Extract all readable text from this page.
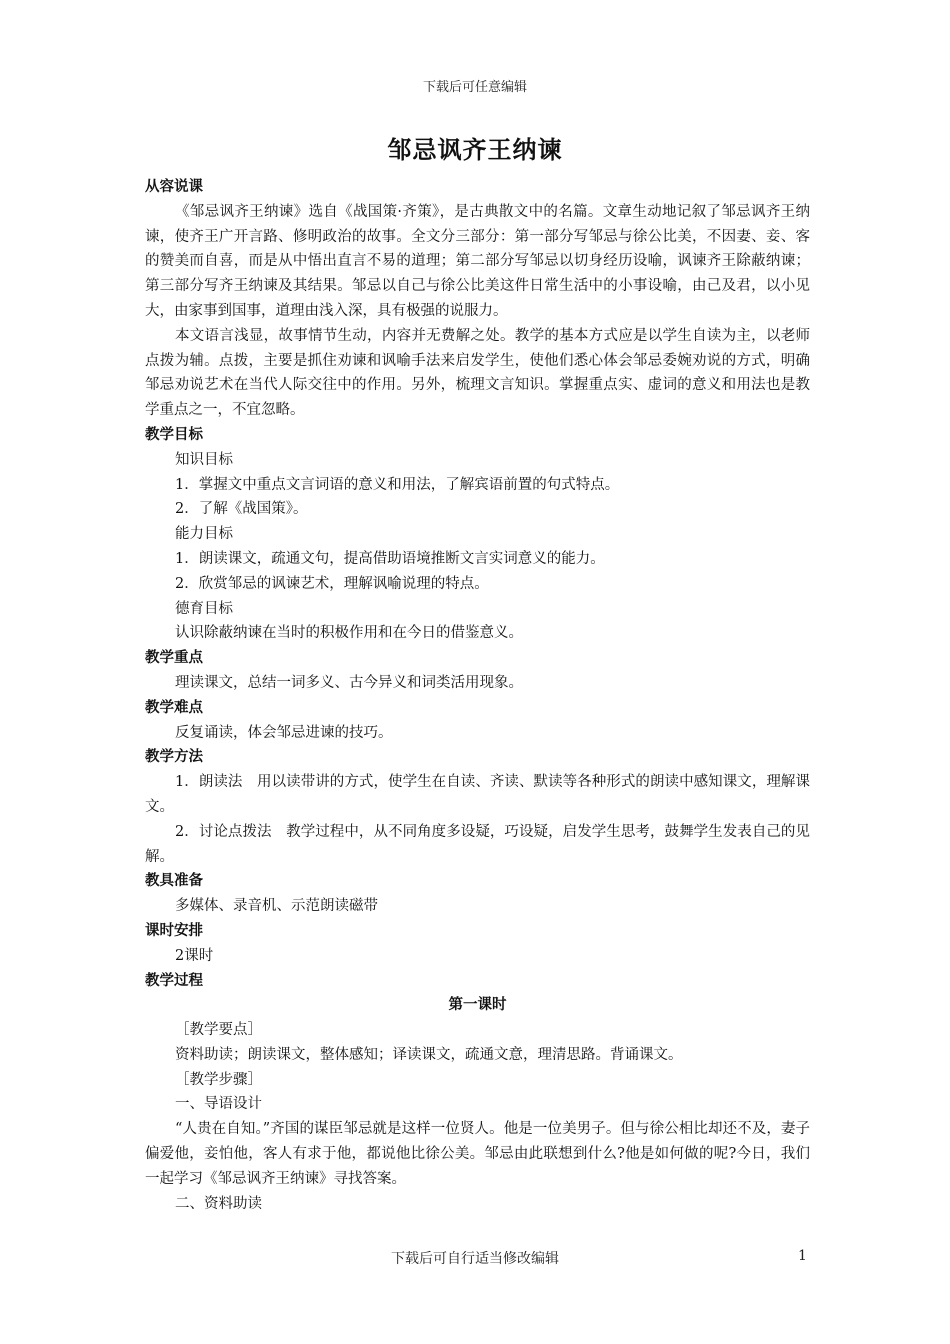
下载后可任意编辑
邹忌讽齐王纳谏

从容说课

《邹忌讽齐王纳谏》选自《战国策·齐策》，是古典散文中的名篇。文章生动地记叙了邹忌讽齐王纳谏，使齐王广开言路、修明政治的故事。全文分三部分：第一部分写邹忌与徐公比美，不因妻、妾、客的赞美而自喜，而是从中悟出直言不易的道理；第二部分写邹忌以切身经历设喻，讽谏齐王除蔽纳谏；第三部分写齐王纳谏及其结果。邹忌以自己与徐公比美这件日常生活中的小事设喻，由己及君，以小见大，由家事到国事，道理由浅入深，具有极强的说服力。

本文语言浅显，故事情节生动，内容并无费解之处。教学的基本方式应是以学生自读为主，以老师点拨为辅。点拨，主要是抓住劝谏和讽喻手法来启发学生，使他们悉心体会邹忌委婉劝说的方式，明确邹忌劝说艺术在当代人际交往中的作用。另外，梳理文言知识。掌握重点实、虚词的意义和用法也是教学重点之一，不宜忽略。

教学目标

知识目标

1．掌握文中重点文言词语的意义和用法，了解宾语前置的句式特点。

2．了解《战国策》。

能力目标

1．朗读课文，疏通文句，提高借助语境推断文言实词意义的能力。

2．欣赏邹忌的讽谏艺术，理解讽喻说理的特点。

德育目标

认识除蔽纳谏在当时的积极作用和在今日的借鉴意义。

教学重点

理读课文，总结一词多义、古今异义和词类活用现象。

教学难点

反复诵读，体会邹忌进谏的技巧。

教学方法

1．朗读法　用以读带讲的方式，使学生在自读、齐读、默读等各种形式的朗读中感知课文，理解课文。

2．讨论点拨法　教学过程中，从不同角度多设疑，巧设疑，启发学生思考，鼓舞学生发表自己的见解。

教具准备

多媒体、录音机、示范朗读磁带

课时安排

2课时

教学过程

第一课时

［教学要点］

资料助读；朗读课文，整体感知；译读课文，疏通文意，理清思路。背诵课文。

［教学步骤］

一、导语设计

“人贵在自知。”齐国的谋臣邹忌就是这样一位贤人。他是一位美男子。但与徐公相比却还不及，妻子偏爱他，妾怕他，客人有求于他，都说他比徐公美。邹忌由此联想到什么?他是如何做的呢?今日，我们一起学习《邹忌讽齐王纳谏》寻找答案。

二、资料助读

下载后可自行适当修改编辑	1
